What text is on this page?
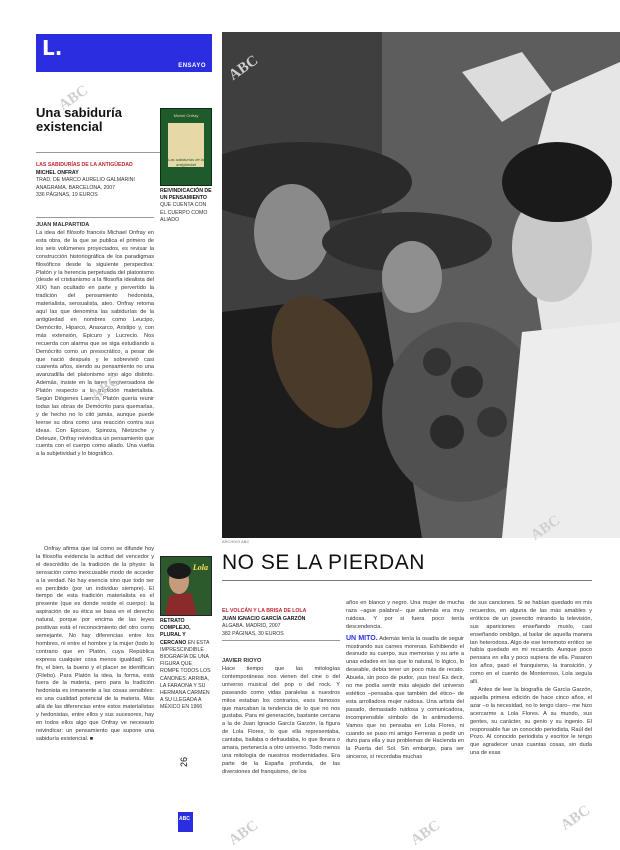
L.
ENSAYO
Una sabiduría existencial
Michel Onfray
Las sabidurías de la antigüedad
LAS SABIDURÍAS DE LA ANTIGÜEDAD
MICHEL ONFRAY
TRAD. DE MARCO AURELIO GALMARINI
ANAGRAMA. BARCELONA, 2007
336 PÁGINAS, 19 EUROS
REIVINDICACIÓN DE UN PENSAMIENTO
QUE CUENTA CON EL CUERPO COMO ALIADO
JUAN MALPARTIDA
La idea del filósofo francés Michael Onfray en esta obra, de la que se publica el primero de los seis volúmenes proyectados, es revisar la construcción historiográfica de los paradigmas filosóficos desde la siguiente perspectiva: Platón y la herencia perpetuada del platonismo (desde el cristianismo a la filosofía idealista del XIX) han ocultado en parte y pervertido la tradición del pensamiento hedonista, materialista, sensualista, ateo. Onfray retoma aquí las que denomina las sabidurías de la antigüedad en nombres como Leucipo, Demócrito, Hiparco, Anaxarco, Aristipo y, con más extensión, Epicuro y Lucrecio. Nos recuerda con alarma que se siga estudiando a Demócrito como un presocrático, a pesar de que nació después y le sobrevivió casi cuarenta años, siendo su pensamiento no una avanzadilla del platonismo sino algo distinto. Además, insiste en la tarea tergiversadora de Platón respecto a la tradición materialista. Según Diógenes Laercio, Platón quería reunir todas las obras de Demócrito para quemarlas, y de hecho no lo citó jamás, aunque puede leerse su obra como una reacción contra sus ideas. Con Epicuro, Spinoza, Nietzsche y Deleuze, Onfray reivindica un pensamiento que cuenta con el cuerpo como aliado. Una vuelta a la subjetividad y lo biográfico.
Onfray afirma que tal como se difunde hoy la filosofía evidencia la actitud del vencedor y el descrédito de la tradición de la physis: la sensación como inexcusable modo de acceder a la verdad. No hay esencia sino que todo ser es percibido (por un individuo siempre). El tiempo de esta tradición materialista es el presente (que es donde reside el cuerpo): la aspiración de su ética se basa en el derecho natural, porque por encima de las leyes positivas está el reconocimiento del otro como semejante. No hay diferencias entre los hombres, ni entre el hombre y la mujer (todo lo contrario que en Platón, cuya República expresa cualquier cosa menos igualdad). En fin, el bien, la bueno y el placer se identifican (Filebo). Para Platón la idea, la forma, está fuera de la materia, pero para la tradición hedonista es inmanente a las cosas sensibles: es una cualidad potencial de la materia. Más allá de las diferencias entre estos materialistas y hedonistas, entre ellos y sus sucesores, hay en todos ellos algo que Onfray ve necesario reivindicar: un pensamiento que supone una sabiduría existencial. ■
ARCHIVO ABC
NO SE LA PIERDAN
Lola
RETRATO COMPLEJO, PLURAL Y CERCANO EN ESTA IMPRESCINDIBLE BIOGRAFÍA DE UNA FIGURA QUE ROMPE TODOS LOS CÁNONES: ARRIBA, LA FARAONA Y SU HERMANA CARMEN A SU LLEGADA A MÉXICO EN 1966
EL VOLCÁN Y LA BRISA DE LOLA
JUAN IGNACIO GARCÍA GARZÓN
ALGABA. MADRID, 2007
382 PÁGINAS, 30 EUROS
JAVIER RIOYO
Hace tiempo que las mitologías contemporáneas nos vienen del cine o del universo musical del pop o del rock. Y paseando como vidas paralelas a nuestros mitos estaban los contrarios, esos famosos que marcaban la tendencia de lo que no nos gustaba. Para mi generación, bastante cercana a la de Juan Ignacio García Garzón, la figura de Lola Flores, lo que ella representaba, cantaba, bailaba o defraudaba, lo que llorara o amara, pertenecía a otro universo. Todo menos una mitología de nuestros modernidades. Era parte de la España profunda, de las diversiones del franquismo, de los
años en blanco y negro. Una mujer de mucha raza –ague palabra!– que además era muy ruidosa. Y por si fuera poco tenía descendencia.
UN MITO. Además tenía la osadía de seguir mostrando sus carnes morenas. Exhibiendo el desnudo su cuerpo, sus memorias y su arte a unas edades en las que lo natural, lo lógico, lo deseable, debía tener un poco más de recato. Abuela, sin poco de pudor, ¡sus tres! Es decir, no me podía sentir más alejado del universo estético –pensaba que también del ético– de esta arrolladora mujer ruidosa. Una artista del pasado, demasiado ruidosa y comunicadora, incomprensible símbolo de lo antimoderno. Vamos que no pensaba en Lola Flores, ni cuando se puso mi amigo Ferreras a pedir un duro para ella y sus problemas de Hacienda en la Puerta del Sol. Sin embargo, para ser sinceros, sí recordaba muchas
de sus canciones. Si se habían quedado en mis recuerdos, en alguna de las más amables y eróticos de un jovencito mirando la televisión, sus apariciones enseñando muslo, casi enseñando ombligo, al bailar de aquella manera tan heterodoxa. Algo de ese terremoto erótico se había quedado en mi recuerdo. Aunque poco pensara en ella y poco supiera de ella. Pasaron los años, pasó el franquismo, la transición, y como en el cuento de Monterroso, Lola seguía allí.
Antes de leer la biografía de García Garzón, aquella primera edición de hace cinco años, el azar –o la necesidad, no lo tengo claro– me hizo acercarme a Lola Flores. A su mundo, sus gentes, su carácter, su genio y su ingenio. El responsable fue un conocido periodista, Raúl del Pozo. Al conocido periodista y escritor le tengo que agradecer unas cuantas cosas, sin duda una de esas
26
ABC
ABC
ABC
ABC
ABC
ABC	ABC	ABC
